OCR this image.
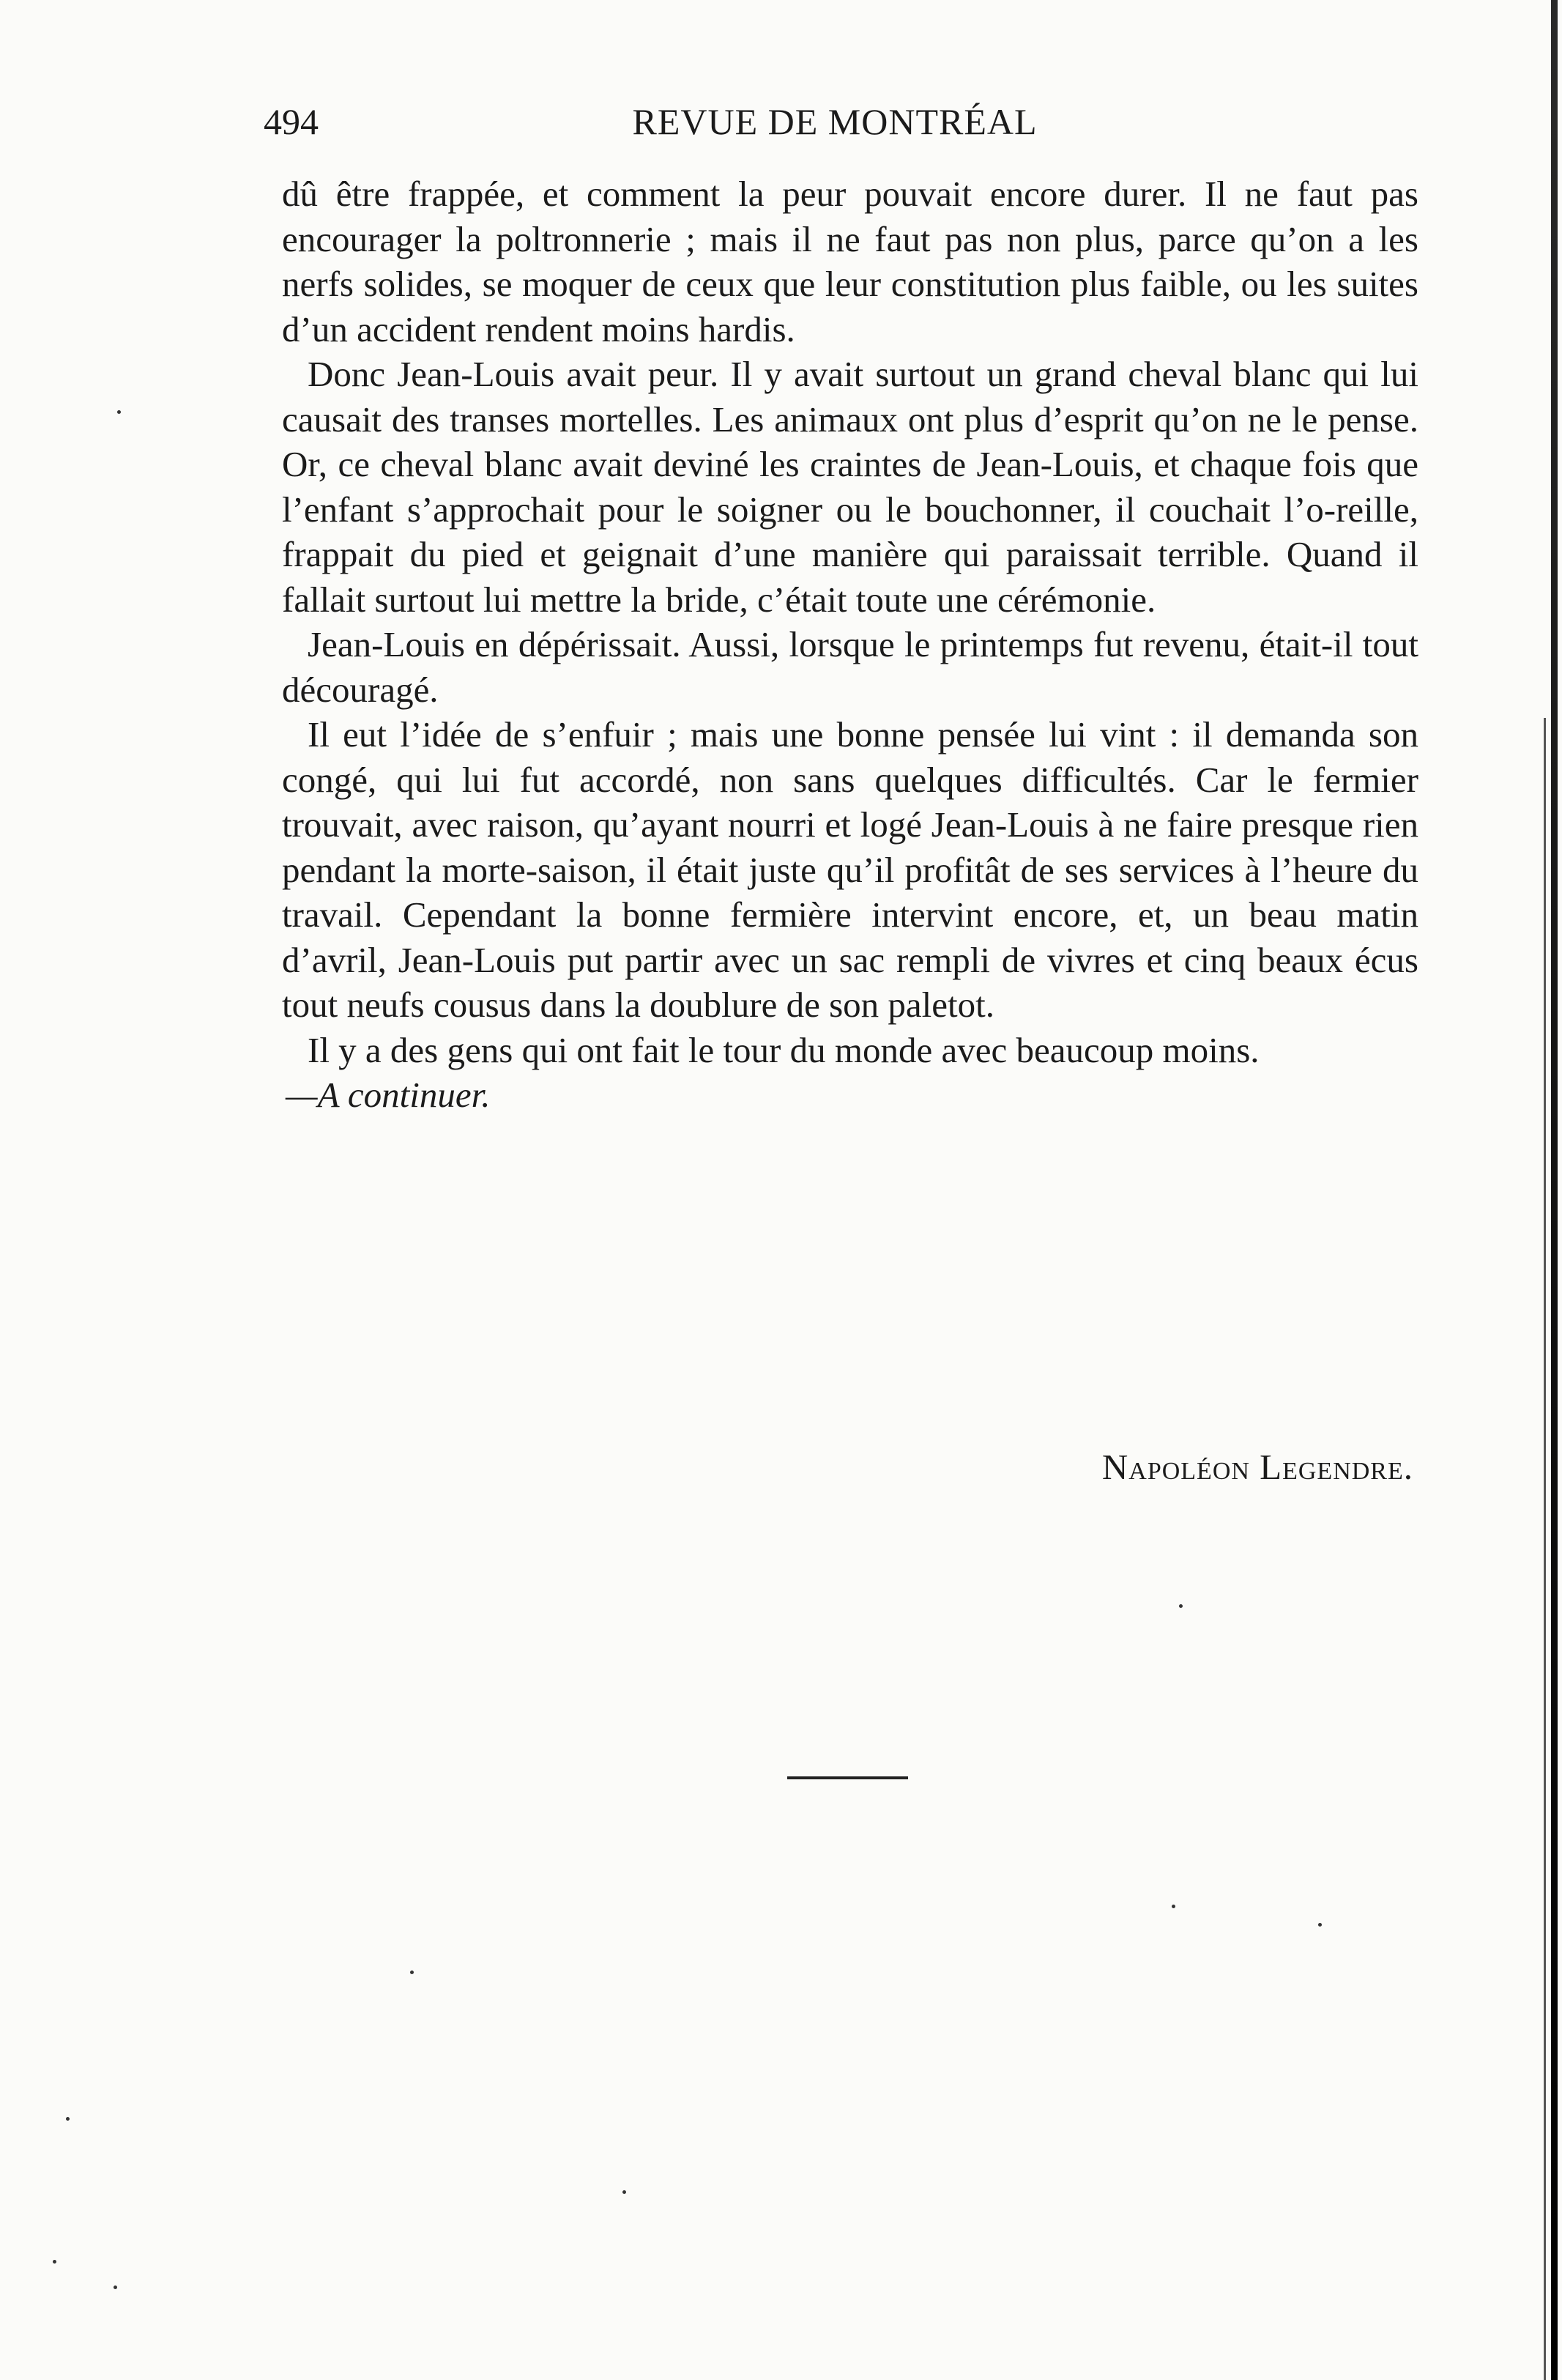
494	REVUE DE MONTRÉAL

dû être frappée, et comment la peur pouvait encore durer. Il ne faut pas encourager la poltronnerie ; mais il ne faut pas non plus, parce qu’on a les nerfs solides, se moquer de ceux que leur constitution plus faible, ou les suites d’un accident rendent moins hardis.

Donc Jean-Louis avait peur. Il y avait surtout un grand cheval blanc qui lui causait des transes mortelles. Les animaux ont plus d’esprit qu’on ne le pense. Or, ce cheval blanc avait deviné les craintes de Jean-Louis, et chaque fois que l’enfant s’approchait pour le soigner ou le bouchonner, il couchait l’o-reille, frappait du pied et geignait d’une manière qui paraissait terrible. Quand il fallait surtout lui mettre la bride, c’était toute une cérémonie.

Jean-Louis en dépérissait. Aussi, lorsque le printemps fut revenu, était-il tout découragé.

Il eut l’idée de s’enfuir ; mais une bonne pensée lui vint : il demanda son congé, qui lui fut accordé, non sans quelques difficultés. Car le fermier trouvait, avec raison, qu’ayant nourri et logé Jean-Louis à ne faire presque rien pendant la morte-saison, il était juste qu’il profitât de ses services à l’heure du travail. Cependant la bonne fermière intervint encore, et, un beau matin d’avril, Jean-Louis put partir avec un sac rempli de vivres et cinq beaux écus tout neufs cousus dans la doublure de son paletot.

Il y a des gens qui ont fait le tour du monde avec beaucoup moins.

—A continuer.

Napoléon Legendre.
